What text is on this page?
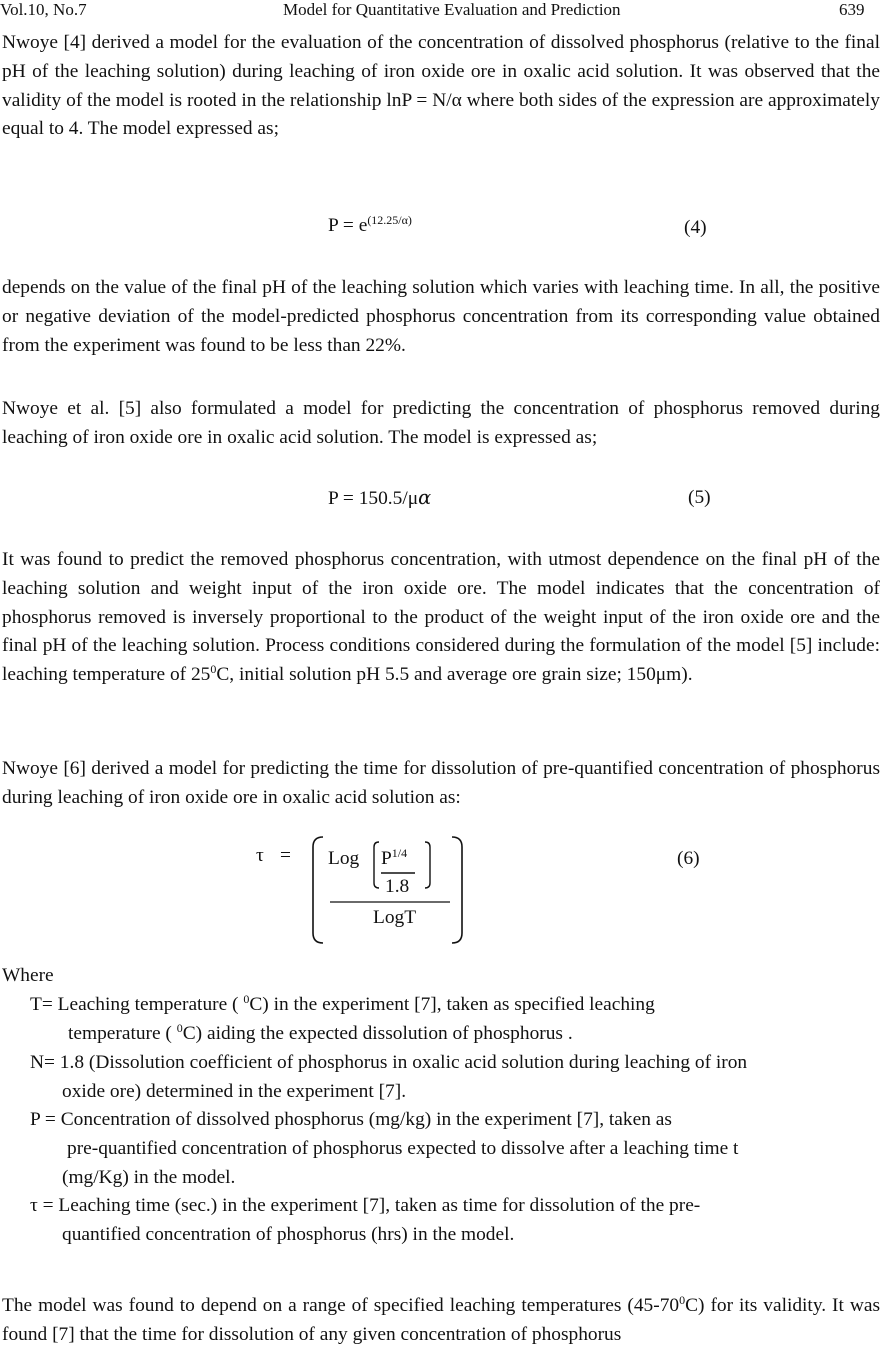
Vol.10, No.7	Model for Quantitative Evaluation and Prediction	639
Nwoye [4] derived a model for the evaluation of the concentration of dissolved phosphorus (relative to the final pH of the leaching solution) during leaching of iron oxide ore in oxalic acid solution. It was observed that the validity of the model is rooted in the relationship lnP = N/α where both sides of the expression are approximately equal to 4. The model expressed as;
$P = e^{(12.25/\alpha)}$	(4)
depends on the value of the final pH of the leaching solution which varies with leaching time. In all, the positive or negative deviation of the model-predicted phosphorus concentration from its corresponding value obtained from the experiment was found to be less than 22%.
Nwoye et al. [5] also formulated a model for predicting the concentration of phosphorus removed during leaching of iron oxide ore in oxalic acid solution. The model is expressed as;
P = 150.5/μα	(5)
It was found to predict the removed phosphorus concentration, with utmost dependence on the final pH of the leaching solution and weight input of the iron oxide ore. The model indicates that the concentration of phosphorus removed is inversely proportional to the product of the weight input of the iron oxide ore and the final pH of the leaching solution. Process conditions considered during the formulation of the model [5] include: leaching temperature of $25^0C$, initial solution pH 5.5 and average ore grain size; 150μm).
Nwoye [6] derived a model for predicting the time for dissolution of pre-quantified concentration of phosphorus during leaching of iron oxide ore in oxalic acid solution as:
τ = Log $P^{1/4}$
1.8
LogT
(6)
Where
T= Leaching temperature ( $^0$C) in the experiment [7], taken as specified leaching
temperature ( $^0$C) aiding the expected dissolution of phosphorus .
N= 1.8 (Dissolution coefficient of phosphorus in oxalic acid solution during leaching of iron
oxide ore) determined in the experiment [7].
P = Concentration of dissolved phosphorus (mg/kg) in the experiment [7], taken as
pre-quantified concentration of phosphorus expected to dissolve after a leaching time t
(mg/Kg) in the model.
τ = Leaching time (sec.) in the experiment [7], taken as time for dissolution of the pre-
quantified concentration of phosphorus (hrs) in the model.
The model was found to depend on a range of specified leaching temperatures $(45-70^0C)$ for its validity. It was found [7] that the time for dissolution of any given concentration of phosphorus
